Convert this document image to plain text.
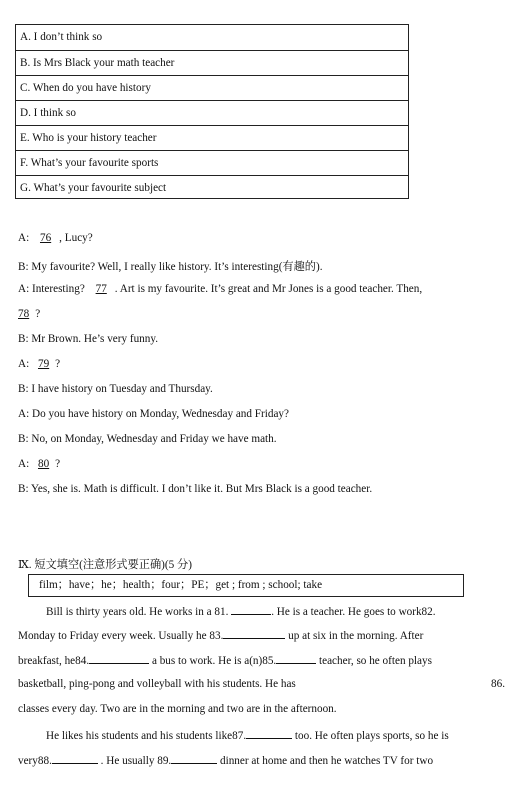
A. I don’t think so
B. Is Mrs Black your math teacher
C. When do you have history
D. I think so
E. Who is your history teacher
F. What’s your favourite sports
G. What’s your favourite subject
A: 76 , Lucy?
B: My favourite? Well, I really like history. It’s interesting(有趣的).
A: Interesting? 77 . Art is my favourite. It’s great and Mr Jones is a good teacher. Then,
78 ?
B: Mr Brown. He’s very funny.
A: 79 ?
B: I have history on Tuesday and Thursday.
A: Do you have history on Monday, Wednesday and Friday?
B: No, on Monday, Wednesday and Friday we have math.
A: 80 ?
B: Yes, she is. Math is difficult. I don’t like it. But Mrs Black is a good teacher.
Ⅸ. 短文填空(注意形式要正确)(5 分)
film；have；he；health；four；PE；get ; from ; school; take
Bill is thirty years old. He works in a 81.	. He is a teacher. He goes to work82.
Monday to Friday every week. Usually he 83.	up at six in the morning. After
breakfast, he84.	a bus to work. He is a(n)85.	teacher, so he often plays
basketball, ping-pong and volleyball with his students. He has	86.
classes every day. Two are in the morning and two are in the afternoon.
He likes his students and his students like87.	too. He often plays sports, so he is
very88.	. He usually 89.	dinner at home and then he watches TV for two
